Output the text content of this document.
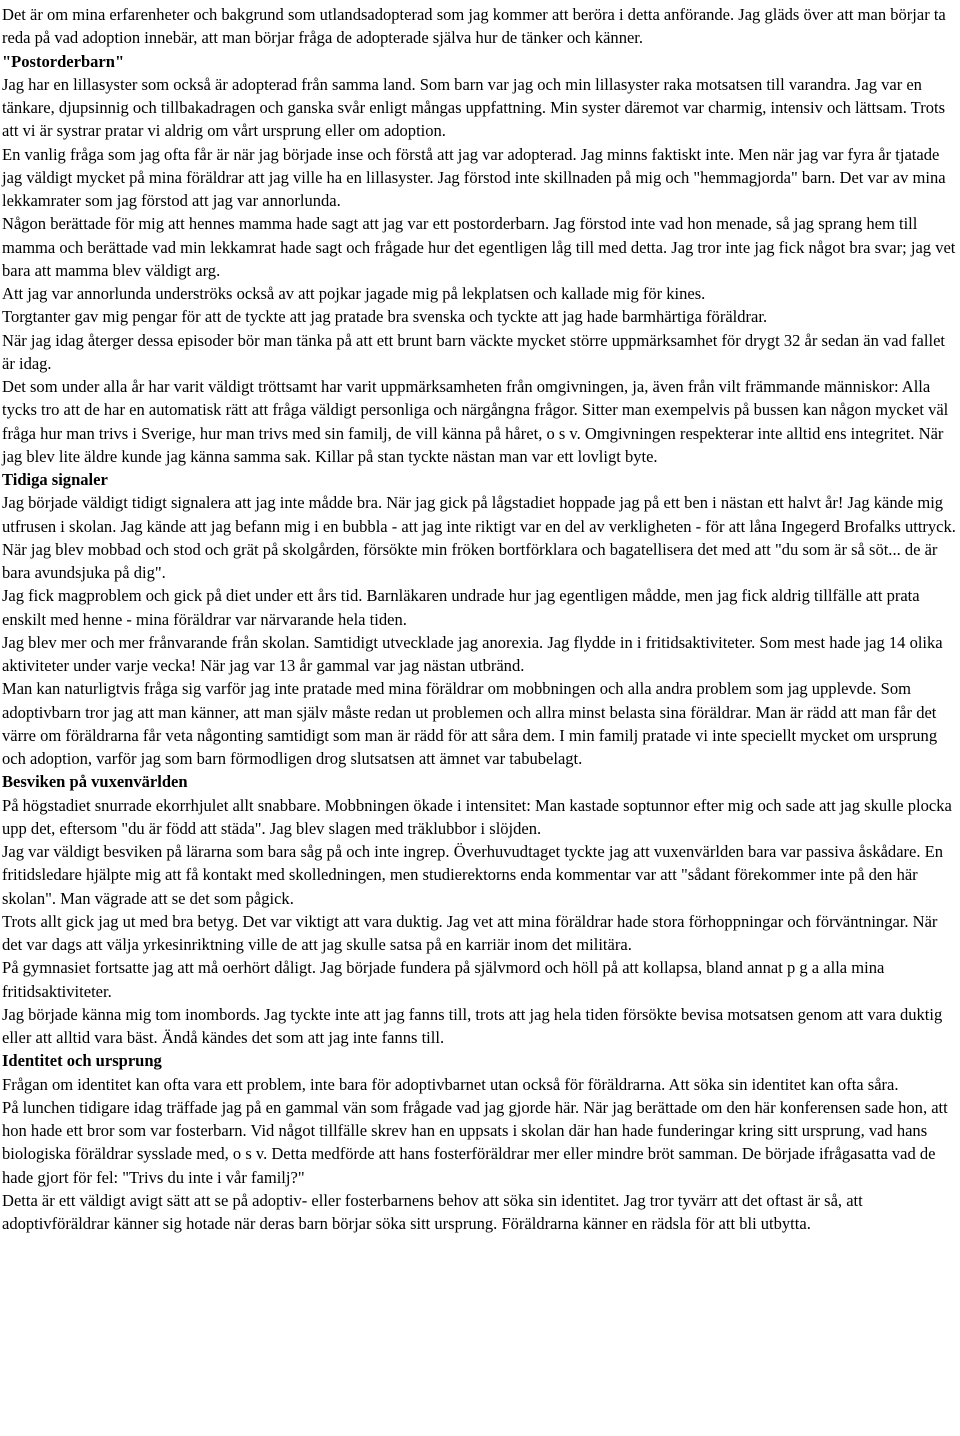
Det är om mina erfarenheter och bakgrund som utlandsadopterad som jag kommer att beröra i detta anförande. Jag gläds över att man börjar ta reda på vad adoption innebär, att man börjar fråga de adopterade själva hur de tänker och känner.

"Postorderbarn"

Jag har en lillasyster som också är adopterad från samma land. Som barn var jag och min lillasyster raka motsatsen till varandra. Jag var en tänkare, djupsinnig och tillbakadragen och ganska svår enligt mångas uppfattning. Min syster däremot var charmig, intensiv och lättsam. Trots att vi är systrar pratar vi aldrig om vårt ursprung eller om adoption.

En vanlig fråga som jag ofta får är när jag började inse och förstå att jag var adopterad. Jag minns faktiskt inte. Men när jag var fyra år tjatade jag väldigt mycket på mina föräldrar att jag ville ha en lillasyster. Jag förstod inte skillnaden på mig och "hemmagjorda" barn. Det var av mina lekkamrater som jag förstod att jag var annorlunda.

Någon berättade för mig att hennes mamma hade sagt att jag var ett postorderbarn. Jag förstod inte vad hon menade, så jag sprang hem till mamma och berättade vad min lekkamrat hade sagt och frågade hur det egentligen låg till med detta. Jag tror inte jag fick något bra svar; jag vet bara att mamma blev väldigt arg.

Att jag var annorlunda underströks också av att pojkar jagade mig på lekplatsen och kallade mig för kines.

Torgtanter gav mig pengar för att de tyckte att jag pratade bra svenska och tyckte att jag hade barmhärtiga föräldrar.

När jag idag återger dessa episoder bör man tänka på att ett brunt barn väckte mycket större uppmärksamhet för drygt 32 år sedan än vad fallet är idag.

Det som under alla år har varit väldigt tröttsamt har varit uppmärksamheten från omgivningen, ja, även från vilt främmande människor: Alla tycks tro att de har en automatisk rätt att fråga väldigt personliga och närgångna frågor. Sitter man exempelvis på bussen kan någon mycket väl fråga hur man trivs i Sverige, hur man trivs med sin familj, de vill känna på håret, o s v. Omgivningen respekterar inte alltid ens integritet. När jag blev lite äldre kunde jag känna samma sak. Killar på stan tyckte nästan man var ett lovligt byte.

Tidiga signaler

Jag började väldigt tidigt signalera att jag inte mådde bra. När jag gick på lågstadiet hoppade jag på ett ben i nästan ett halvt år! Jag kände mig utfrusen i skolan. Jag kände att jag befann mig i en bubbla - att jag inte riktigt var en del av verkligheten - för att låna Ingegerd Brofalks uttryck. När jag blev mobbad och stod och grät på skolgården, försökte min fröken bortförklara och bagatellisera det med att "du som är så söt... de är bara avundsjuka på dig".

Jag fick magproblem och gick på diet under ett års tid. Barnläkaren undrade hur jag egentligen mådde, men jag fick aldrig tillfälle att prata enskilt med henne - mina föräldrar var närvarande hela tiden.

Jag blev mer och mer frånvarande från skolan. Samtidigt utvecklade jag anorexia. Jag flydde in i fritidsaktiviteter. Som mest hade jag 14 olika aktiviteter under varje vecka! När jag var 13 år gammal var jag nästan utbränd.

Man kan naturligtvis fråga sig varför jag inte pratade med mina föräldrar om mobbningen och alla andra problem som jag upplevde. Som adoptivbarn tror jag att man känner, att man själv måste redan ut problemen och allra minst belasta sina föräldrar. Man är rädd att man får det värre om föräldrarna får veta någonting samtidigt som man är rädd för att såra dem. I min familj pratade vi inte speciellt mycket om ursprung och adoption, varför jag som barn förmodligen drog slutsatsen att ämnet var tabubelagt.

Besviken på vuxenvärlden

På högstadiet snurrade ekorrhjulet allt snabbare. Mobbningen ökade i intensitet: Man kastade soptunnor efter mig och sade att jag skulle plocka upp det, eftersom "du är född att städa". Jag blev slagen med träklubbor i slöjden.

Jag var väldigt besviken på lärarna som bara såg på och inte ingrep. Överhuvudtaget tyckte jag att vuxenvärlden bara var passiva åskådare. En fritidsledare hjälpte mig att få kontakt med skolledningen, men studierektorns enda kommentar var att "sådant förekommer inte på den här skolan". Man vägrade att se det som pågick.

Trots allt gick jag ut med bra betyg. Det var viktigt att vara duktig. Jag vet att mina föräldrar hade stora förhoppningar och förväntningar. När det var dags att välja yrkesinriktning ville de att jag skulle satsa på en karriär inom det militära.

På gymnasiet fortsatte jag att må oerhört dåligt. Jag började fundera på självmord och höll på att kollapsa, bland annat p g a alla mina fritidsaktiviteter.

Jag började känna mig tom inombords. Jag tyckte inte att jag fanns till, trots att jag hela tiden försökte bevisa motsatsen genom att vara duktig eller att alltid vara bäst. Ändå kändes det som att jag inte fanns till.

Identitet och ursprung

Frågan om identitet kan ofta vara ett problem, inte bara för adoptivbarnet utan också för föräldrarna. Att söka sin identitet kan ofta såra.

På lunchen tidigare idag träffade jag på en gammal vän som frågade vad jag gjorde här. När jag berättade om den här konferensen sade hon, att hon hade ett bror som var fosterbarn. Vid något tillfälle skrev han en uppsats i skolan där han hade funderingar kring sitt ursprung, vad hans biologiska föräldrar sysslade med, o s v. Detta medförde att hans fosterföräldrar mer eller mindre bröt samman. De började ifrågasatta vad de hade gjort för fel: "Trivs du inte i vår familj?"

Detta är ett väldigt avigt sätt att se på adoptiv- eller fosterbarnens behov att söka sin identitet. Jag tror tyvärr att det oftast är så, att adoptivföräldrar känner sig hotade när deras barn börjar söka sitt ursprung. Föräldrarna känner en rädsla för att bli utbytta.
